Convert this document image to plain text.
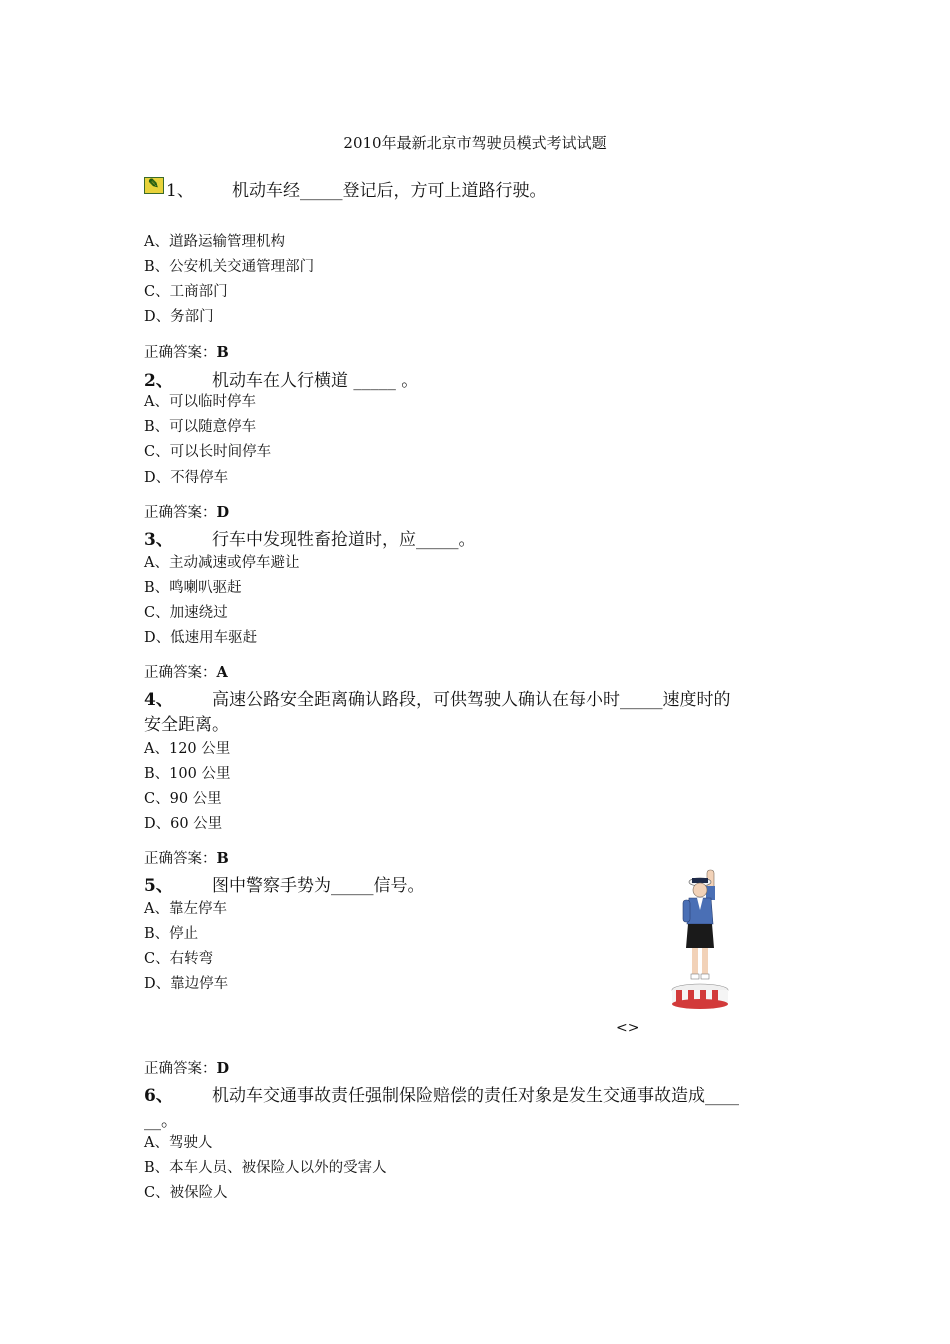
2010年最新北京市驾驶员模式考试试题
✎ 1、 机动车经_____登记后，方可上道路行驶。
A、道路运输管理机构
B、公安机关交通管理部门
C、工商部门
D、务部门
正确答案：B
2、 机动车在人行横道 _____ 。
A、可以临时停车
B、可以随意停车
C、可以长时间停车
D、不得停车
正确答案：D
3、 行车中发现牲畜抢道时，应_____。
A、主动减速或停车避让
B、鸣喇叭驱赶
C、加速绕过
D、低速用车驱赶
正确答案：A
4、 高速公路安全距离确认路段，可供驾驶人确认在每小时_____速度时的
安全距离。
A、120 公里
B、100 公里
C、90 公里
D、60 公里
正确答案：B
5、 图中警察手势为_____信号。
A、靠左停车
B、停止
C、右转弯
D、靠边停车
<>
正确答案：D
6、 机动车交通事故责任强制保险赔偿的责任对象是发生交通事故造成____
__。
A、驾驶人
B、本车人员、被保险人以外的受害人
C、被保险人
